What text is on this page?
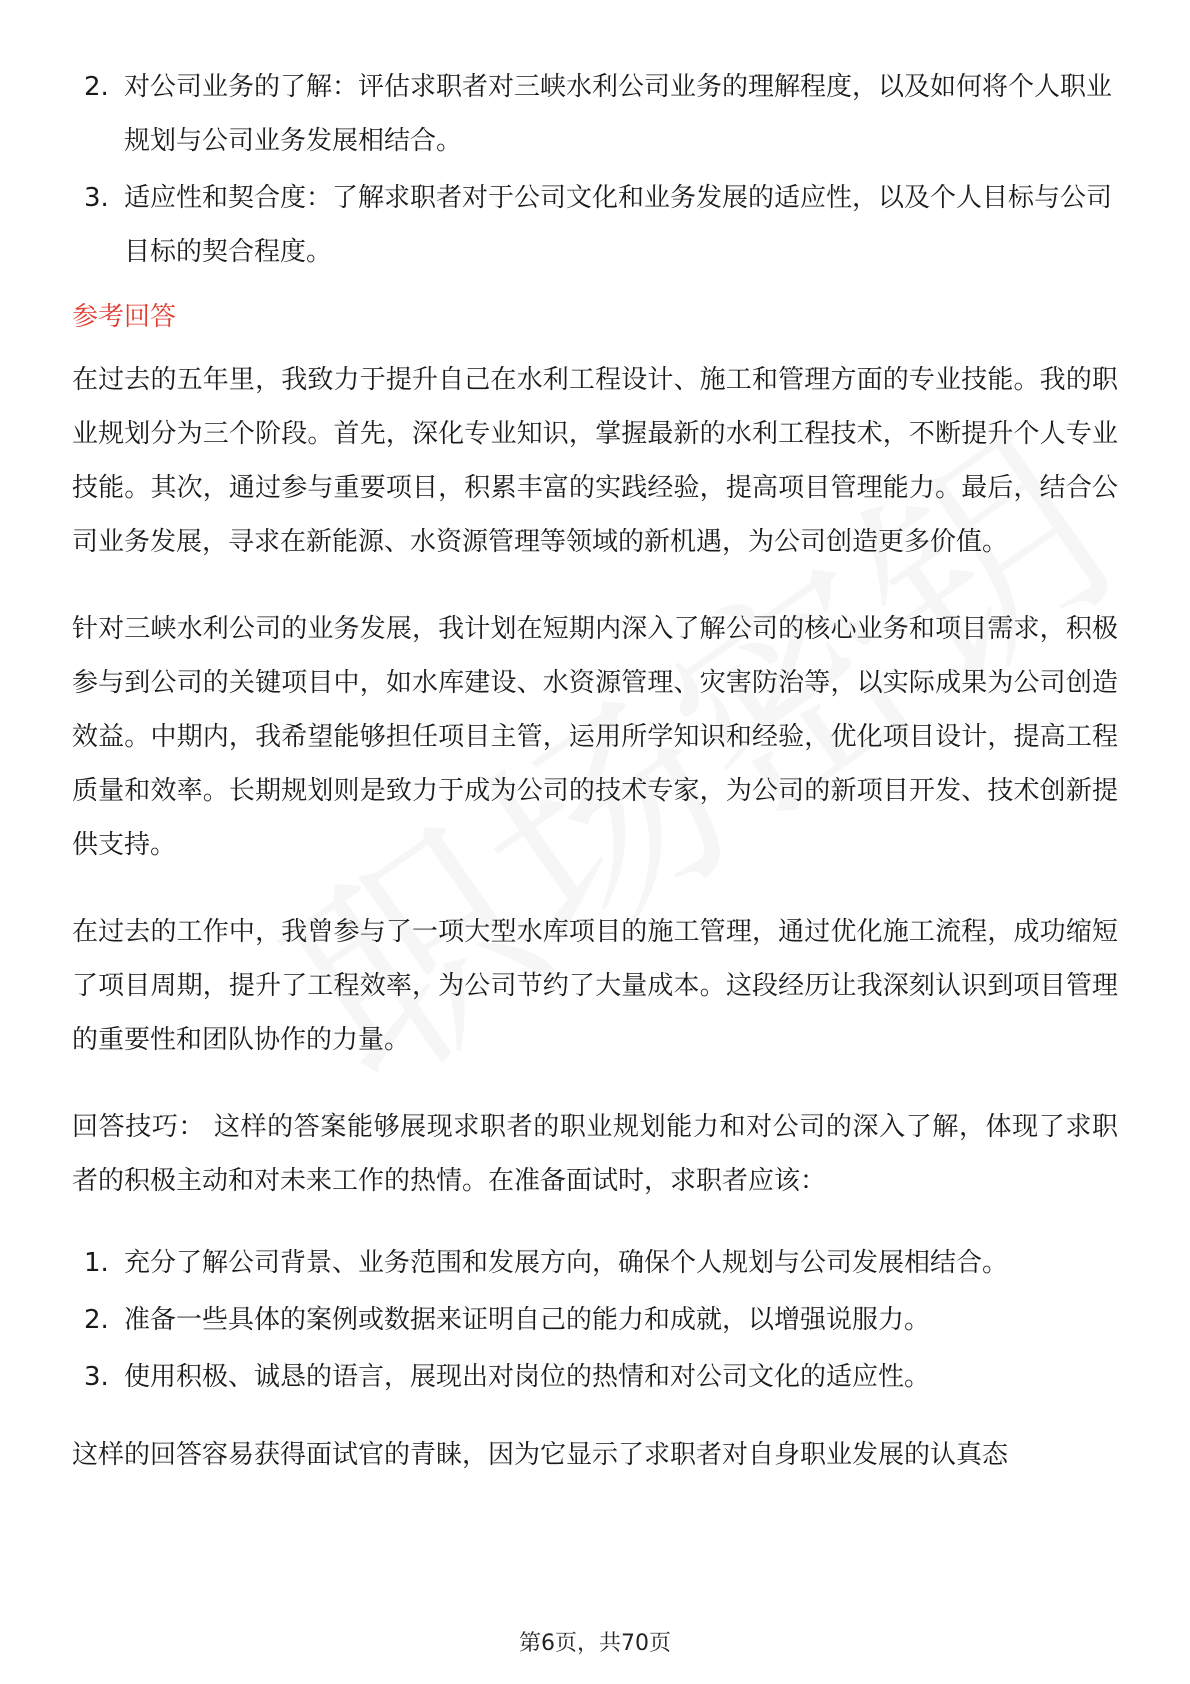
2. 对公司业务的了解：评估求职者对三峡水利公司业务的理解程度，以及如何将个人职业规划与公司业务发展相结合。
3. 适应性和契合度：了解求职者对于公司文化和业务发展的适应性，以及个人目标与公司目标的契合程度。
参考回答

在过去的五年里，我致力于提升自己在水利工程设计、施工和管理方面的专业技能。我的职业规划分为三个阶段。首先，深化专业知识，掌握最新的水利工程技术，不断提升个人专业技能。其次，通过参与重要项目，积累丰富的实践经验，提高项目管理能力。最后，结合公司业务发展，寻求在新能源、水资源管理等领域的新机遇，为公司创造更多价值。

针对三峡水利公司的业务发展，我计划在短期内深入了解公司的核心业务和项目需求，积极参与到公司的关键项目中，如水库建设、水资源管理、灾害防治等，以实际成果为公司创造效益。中期内，我希望能够担任项目主管，运用所学知识和经验，优化项目设计，提高工程质量和效率。长期规划则是致力于成为公司的技术专家，为公司的新项目开发、技术创新提供支持。

在过去的工作中，我曾参与了一项大型水库项目的施工管理，通过优化施工流程，成功缩短了项目周期，提升了工程效率，为公司节约了大量成本。这段经历让我深刻认识到项目管理的重要性和团队协作的力量。

回答技巧： 这样的答案能够展现求职者的职业规划能力和对公司的深入了解，体现了求职者的积极主动和对未来工作的热情。在准备面试时，求职者应该：

1. 充分了解公司背景、业务范围和发展方向，确保个人规划与公司发展相结合。
2. 准备一些具体的案例或数据来证明自己的能力和成就，以增强说服力。
3. 使用积极、诚恳的语言，展现出对岗位的热情和对公司文化的适应性。

这样的回答容易获得面试官的青睐，因为它显示了求职者对自身职业发展的认真态

第6页，共70页
